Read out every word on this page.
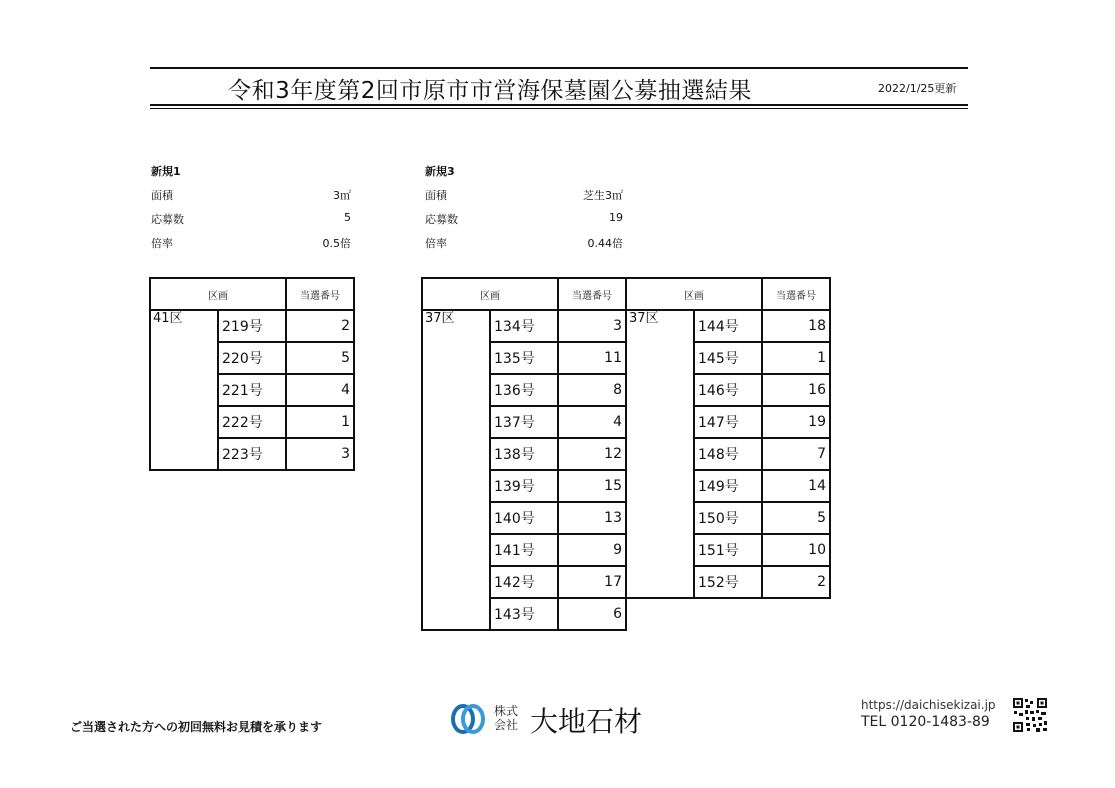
令和3年度第2回市原市市営海保墓園公募抽選結果	2022/1/25更新
新規1
面積	3㎡
応募数	5
倍率	0.5倍
新規3
面積	芝生3㎡
応募数	19
倍率	0.44倍
区画		当選番号
41区	219号	2
	220号	5
	221号	4
	222号	1
	223号	3
区画		当選番号	区画		当選番号
37区	134号	3	37区	144号	18
	135号	11		145号	1
	136号	8		146号	16
	137号	4		147号	19
	138号	12		148号	7
	139号	15		149号	14
	140号	13		150号	5
	141号	9		151号	10
	142号	17		152号	2
	143号	6			
ご当選された方への初回無料お見積を承ります
株式会社 大地石材	https://daichisekizai.jp
TEL 0120-1483-89
